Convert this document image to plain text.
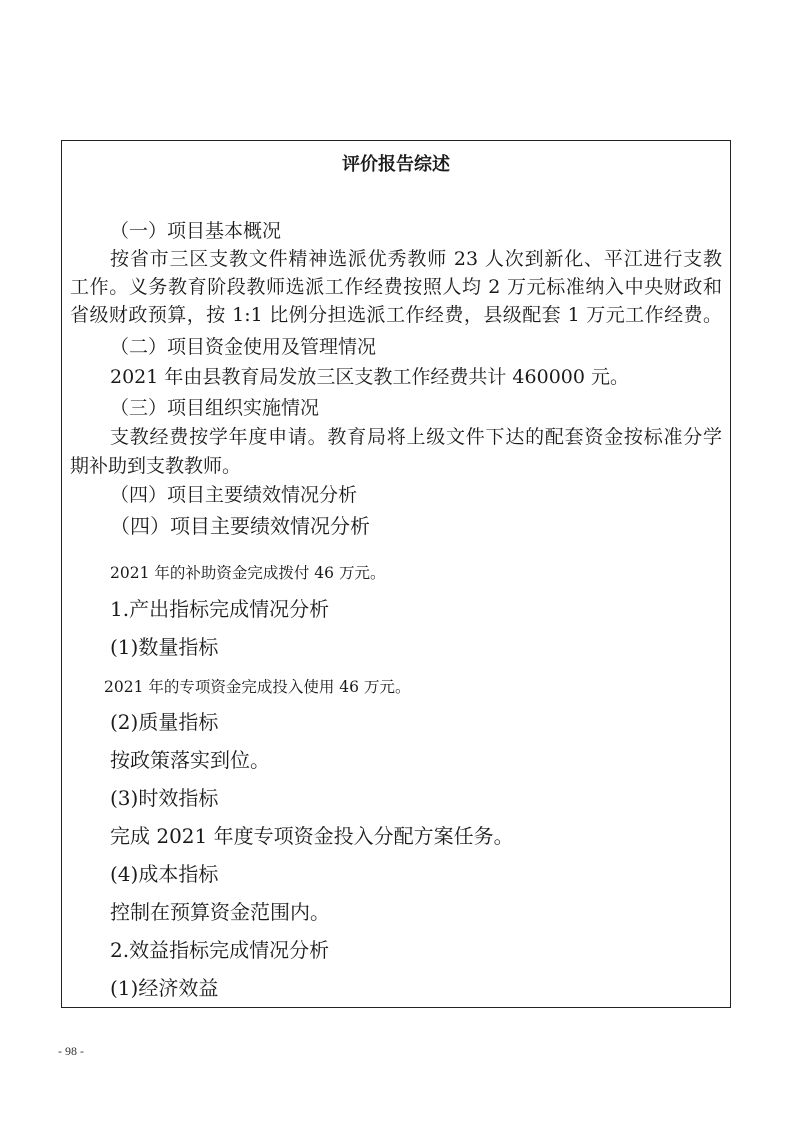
评价报告综述
（一）项目基本概况
按省市三区支教文件精神选派优秀教师 23 人次到新化、平江进行支教
工作。义务教育阶段教师选派工作经费按照人均 2 万元标准纳入中央财政和
省级财政预算，按 1:1 比例分担选派工作经费，县级配套 1 万元工作经费。
（二）项目资金使用及管理情况
2021 年由县教育局发放三区支教工作经费共计 460000 元。
（三）项目组织实施情况
支教经费按学年度申请。教育局将上级文件下达的配套资金按标准分学
期补助到支教教师。
（四）项目主要绩效情况分析
（四）项目主要绩效情况分析
2021 年的补助资金完成拨付 46 万元。
1.产出指标完成情况分析
(1)数量指标
2021 年的专项资金完成投入使用 46 万元。
(2)质量指标
按政策落实到位。
(3)时效指标
完成 2021 年度专项资金投入分配方案任务。
(4)成本指标
控制在预算资金范围内。
2.效益指标完成情况分析
(1)经济效益
- 98 -
